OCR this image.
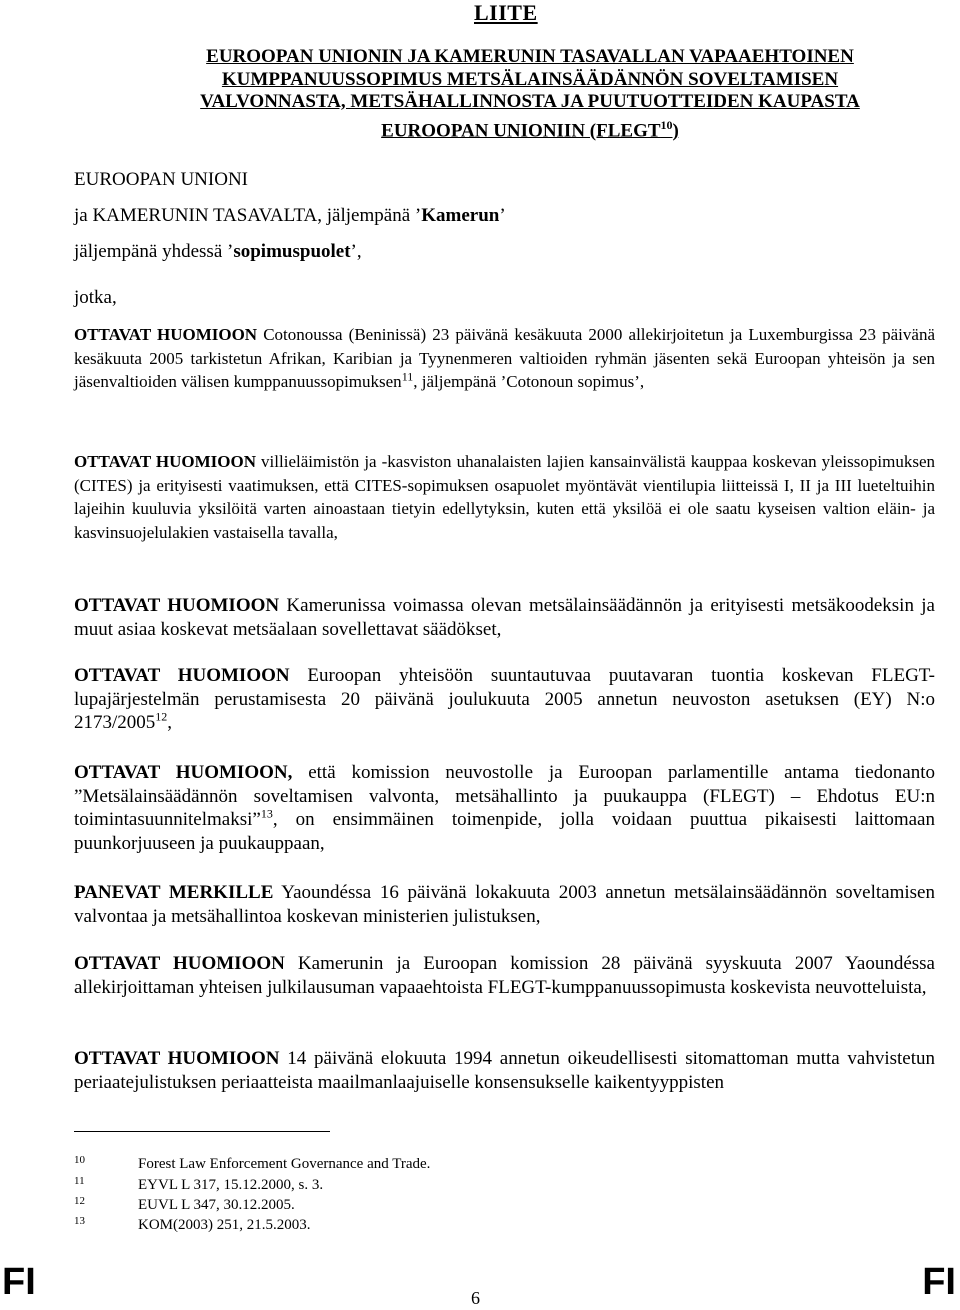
LIITE
EUROOPAN UNIONIN JA KAMERUNIN TASAVALLAN VAPAAEHTOINEN
KUMPPANUUSSOPIMUS METSÄLAINSÄÄDÄNNÖN SOVELTAMISEN
VALVONNASTA, METSÄHALLINNOSTA JA PUUTUOTTEIDEN KAUPASTA
EUROOPAN UNIONIIN (FLEGT$^{10}$)
EUROOPAN UNIONI
ja KAMERUNIN TASAVALTA, jäljempänä ’Kamerun’
jäljempänä yhdessä ’sopimuspuolet’,
jotka,
OTTAVAT HUOMIOON Cotonoussa (Beninissä) 23 päivänä kesäkuuta 2000 allekirjoitetun ja Luxemburgissa 23 päivänä kesäkuuta 2005 tarkistetun Afrikan, Karibian ja Tyynenmeren valtioiden ryhmän jäsenten sekä Euroopan yhteisön ja sen jäsenvaltioiden välisen kumppanuussopimuksen$^{11}$, jäljempänä ’Cotonoun sopimus’,
OTTAVAT HUOMIOON villieläimistön ja -kasviston uhanalaisten lajien kansainvälistä kauppaa koskevan yleissopimuksen (CITES) ja erityisesti vaatimuksen, että CITES-sopimuksen osapuolet myöntävät vientilupia liitteissä I, II ja III lueteltuihin lajeihin kuuluvia yksilöitä varten ainoastaan tietyin edellytyksin, kuten että yksilöä ei ole saatu kyseisen valtion eläin- ja kasvinsuojelulakien vastaisella tavalla,
OTTAVAT HUOMIOON Kamerunissa voimassa olevan metsälainsäädännön ja erityisesti metsäkoodeksin ja muut asiaa koskevat metsäalaan sovellettavat säädökset,
OTTAVAT HUOMIOON Euroopan yhteisöön suuntautuvaa puutavaran tuontia koskevan FLEGT-lupajärjestelmän perustamisesta 20 päivänä joulukuuta 2005 annetun neuvoston asetuksen (EY) N:o 2173/2005$^{12}$,
OTTAVAT HUOMIOON, että komission neuvostolle ja Euroopan parlamentille antama tiedonanto ”Metsälainsäädännön soveltamisen valvonta, metsähallinto ja puukauppa (FLEGT) – Ehdotus EU:n toimintasuunnitelmaksi”$^{13}$, on ensimmäinen toimenpide, jolla voidaan puuttua pikaisesti laittomaan puunkorjuuseen ja puukauppaan,
PANEVAT MERKILLE Yaoundéssa 16 päivänä lokakuuta 2003 annetun metsälainsäädännön soveltamisen valvontaa ja metsähallintoa koskevan ministerien julistuksen,
OTTAVAT HUOMIOON Kamerunin ja Euroopan komission 28 päivänä syyskuuta 2007 Yaoundéssa allekirjoittaman yhteisen julkilausuman vapaaehtoista FLEGT-kumppanuussopimusta koskevista neuvotteluista,
OTTAVAT HUOMIOON 14 päivänä elokuuta 1994 annetun oikeudellisesti sitomattoman mutta vahvistetun periaatejulistuksen periaatteista maailmanlaajuiselle konsensukselle kaikentyyppisten
10	Forest Law Enforcement Governance and Trade.
11	EYVL L 317, 15.12.2000, s. 3.
12	EUVL L 347, 30.12.2005.
13	KOM(2003) 251, 21.5.2003.
FI	6	FI
